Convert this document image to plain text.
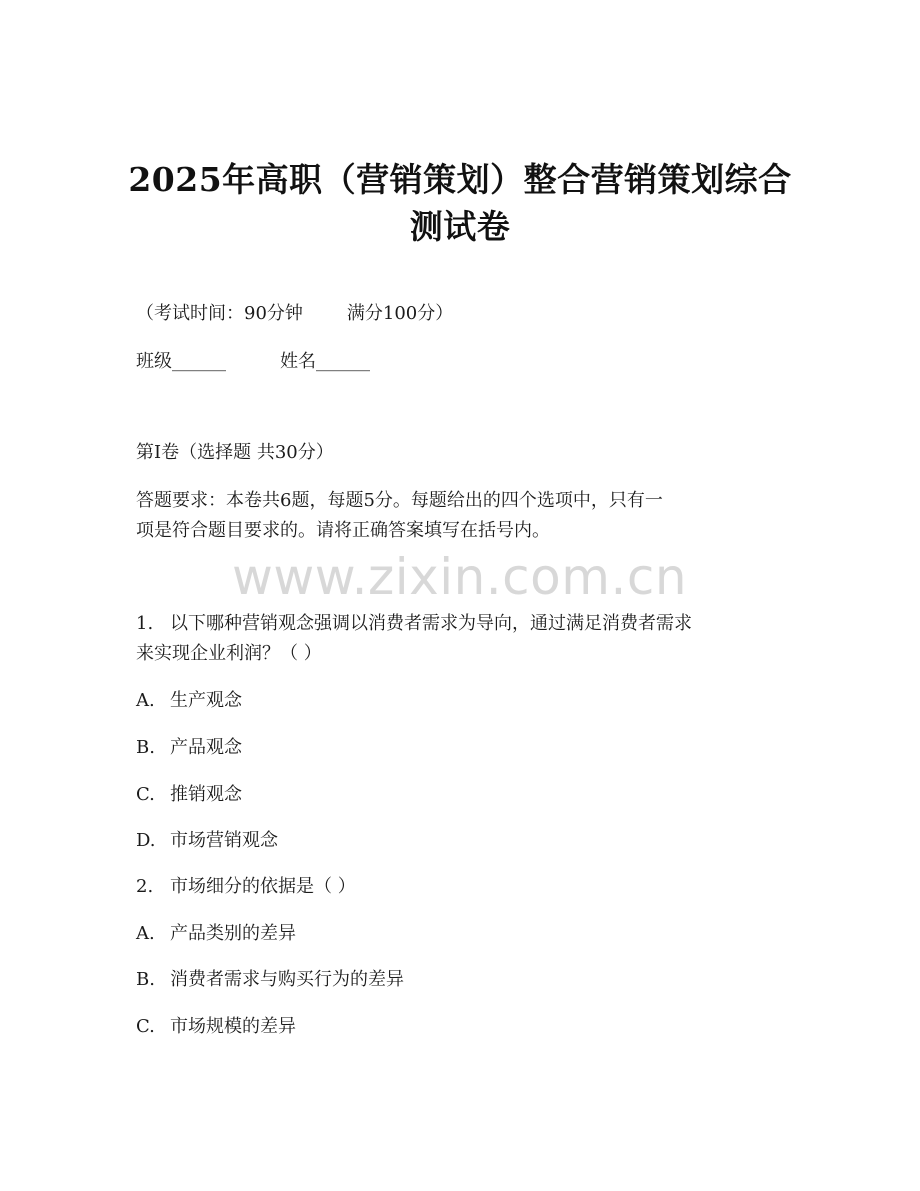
2025年高职（营销策划）整合营销策划综合
测试卷
（考试时间：90分钟 满分100分）
班级______	姓名______
第I卷（选择题 共30分）
答题要求：本卷共6题，每题5分。每题给出的四个选项中，只有一
项是符合题目要求的。请将正确答案填写在括号内。
www.zixin.com.cn
1. 以下哪种营销观念强调以消费者需求为导向，通过满足消费者需求
来实现企业利润？（ ）
A. 生产观念
B. 产品观念
C. 推销观念
D. 市场营销观念
2. 市场细分的依据是（ ）
A. 产品类别的差异
B. 消费者需求与购买行为的差异
C. 市场规模的差异
